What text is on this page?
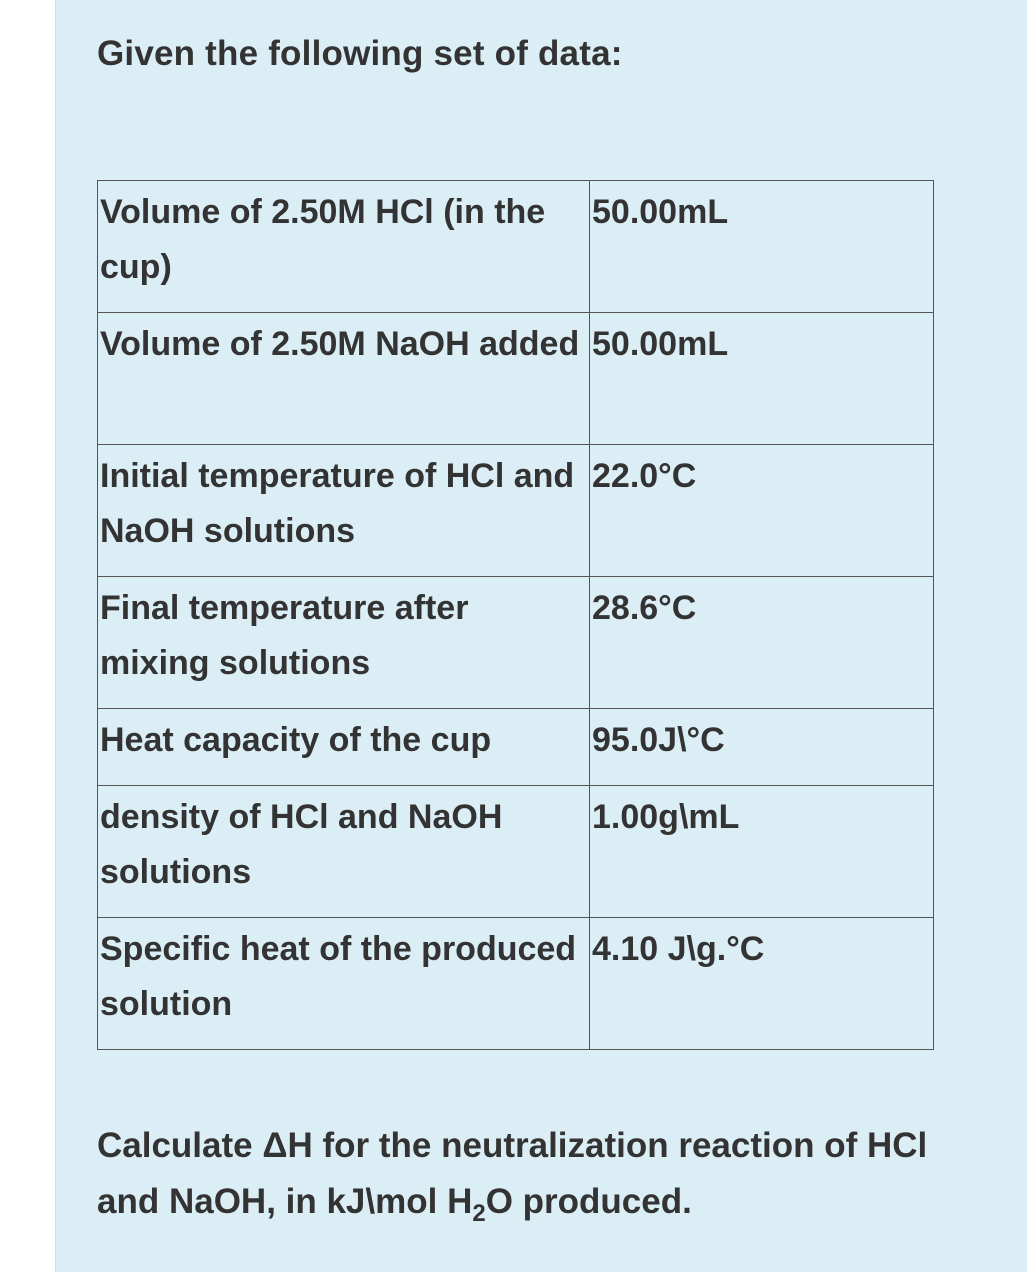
Given the following set of data:

Volume of 2.50M HCl (in the cup)	50.00mL
Volume of 2.50M NaOH added	50.00mL
Initial temperature of HCl and NaOH solutions	22.0°C
Final temperature after mixing solutions	28.6°C
Heat capacity of the cup	95.0J\°C
density of HCl and NaOH solutions	1.00g\mL
Specific heat of the produced solution	4.10 J\g.°C

Calculate ΔH for the neutralization reaction of HCl and NaOH, in kJ\mol $H_2O$ produced.
